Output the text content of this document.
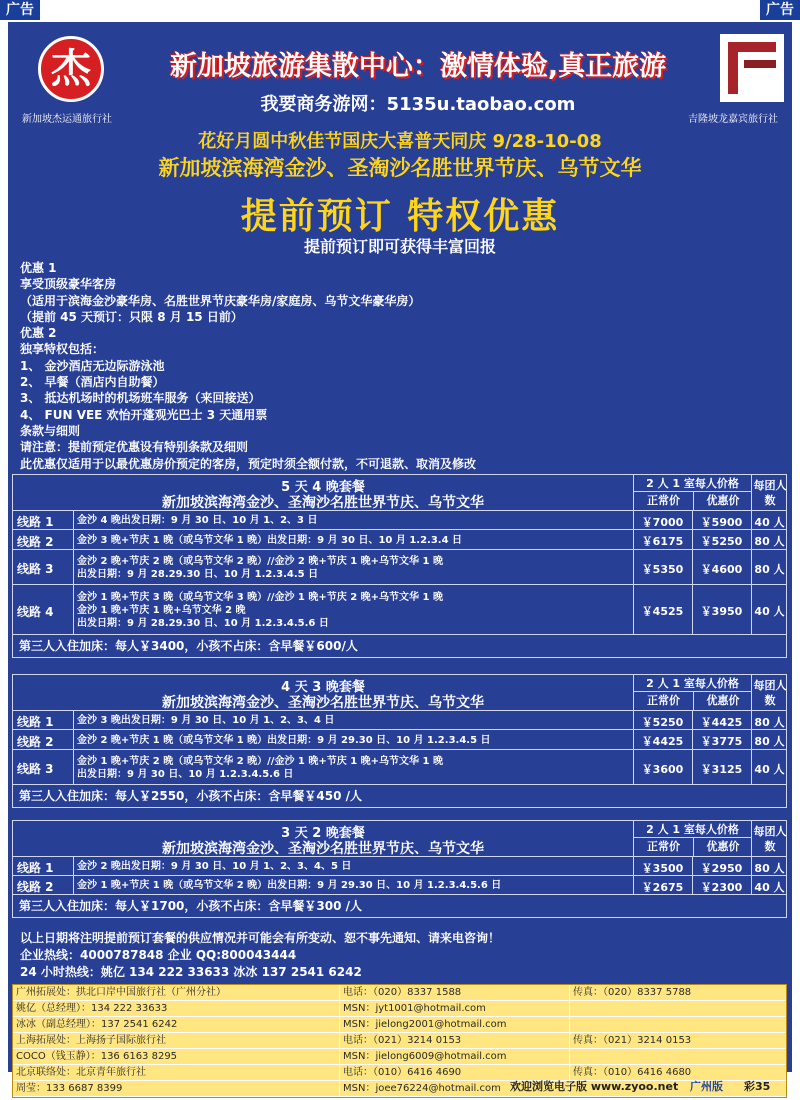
广告	广告
杰
新加坡杰运通旅行社	吉隆坡龙嘉宾旅行社
新加坡旅游集散中心：激情体验,真正旅游
我要商务游网：5135u.taobao.com
花好月圆中秋佳节国庆大喜普天同庆 9/28-10-08
新加坡滨海湾金沙、圣淘沙名胜世界节庆、乌节文华
提前预订 特权优惠
提前预订即可获得丰富回报
优惠 1
享受顶级豪华客房
（适用于滨海金沙豪华房、名胜世界节庆豪华房/家庭房、乌节文华豪华房）
（提前 45 天预订：只限 8 月 15 日前）
优惠 2
独享特权包括：
1、 金沙酒店无边际游泳池
2、 早餐（酒店内自助餐）
3、 抵达机场时的机场班车服务（来回接送）
4、 FUN VEE 欢怡开蓬观光巴士 3 天通用票
条款与细则
请注意：提前预定优惠设有特别条款及细则
此优惠仅适用于以最优惠房价预定的客房，预定时须全额付款，不可退款、取消及修改
5 天 4 晚套餐
新加坡滨海湾金沙、圣淘沙名胜世界节庆、乌节文华
2 人 1 室每人价格
正常价	优惠价
每团人数
线路 1 金沙 4 晚出发日期：9 月 30 日、10 月 1、2、3 日	￥7000	￥5900	40 人
线路 2 金沙 3 晚+节庆 1 晚（或乌节文华 1 晚）出发日期：9 月 30 日、10 月 1.2.3.4 日	￥6175	￥5250	80 人
线路 3
金沙 2 晚+节庆 2 晚（或乌节文华 2 晚）//金沙 2 晚+节庆 1 晚+乌节文华 1 晚
出发日期：9 月 28.29.30 日、10 月 1.2.3.4.5 日	￥5350	￥4600	80 人
线路 4
金沙 1 晚+节庆 3 晚（或乌节文华 3 晚）//金沙 1 晚+节庆 2 晚+乌节文华 1 晚
金沙 1 晚+节庆 1 晚+乌节文华 2 晚
出发日期：9 月 28.29.30 日、10 月 1.2.3.4.5.6 日
￥4525	￥3950	40 人
第三人入住加床：每人￥3400，小孩不占床：含早餐￥600/人
4 天 3 晚套餐
新加坡滨海湾金沙、圣淘沙名胜世界节庆、乌节文华
2 人 1 室每人价格
正常价	优惠价
每团人数
线路 1 金沙 3 晚出发日期：9 月 30 日、10 月 1、2、3、4 日	￥5250	￥4425	80 人
线路 2 金沙 2 晚+节庆 1 晚（或乌节文华 1 晚）出发日期：9 月 29.30 日、10 月 1.2.3.4.5 日	￥4425	￥3775	80 人
线路 3
金沙 1 晚+节庆 2 晚（或乌节文华 2 晚）//金沙 1 晚+节庆 1 晚+乌节文华 1 晚
出发日期：9 月 30 日、10 月 1.2.3.4.5.6 日	￥3600	￥3125	40 人
第三人入住加床：每人￥2550，小孩不占床：含早餐￥450 /人
3 天 2 晚套餐
新加坡滨海湾金沙、圣淘沙名胜世界节庆、乌节文华
2 人 1 室每人价格
正常价	优惠价
每团人数
线路 1 金沙 2 晚出发日期：9 月 30 日、10 月 1、2、3、4、5 日	￥3500	￥2950	80 人
线路 2 金沙 1 晚+节庆 1 晚（或乌节文华 2 晚）出发日期：9 月 29.30 日、10 月 1.2.3.4.5.6 日	￥2675	￥2300	40 人
第三人入住加床：每人￥1700，小孩不占床：含早餐￥300 /人
以上日期将注明提前预订套餐的供应情况并可能会有所变动、恕不事先通知、请来电咨询！
企业热线：4000787848 企业 QQ:800043444
24 小时热线：姚亿 134 222 33633 冰冰 137 2541 6242
广州拓展处：拱北口岸中国旅行社（广州分社）	电话：（020）8337 1588	传真：（020）8337 5788
姚亿（总经理）：134 222 33633	MSN：jyt1001@hotmail.com
冰冰（副总经理）：137 2541 6242	MSN：jielong2001@hotmail.com
上海拓展处：上海扬子国际旅行社	电话：（021）3214 0153	传真：（021）3214 0153
COCO（钱玉静）：136 6163 8295	MSN：jielong6009@hotmail.com
北京联络处：北京青年旅行社	电话：（010）6416 4690	传真：（010）6416 4680
周莹：133 6687 8399	MSN：joee76224@hotmail.com 欢迎浏览电子版 www.zyoo.net 广州版 彩35
